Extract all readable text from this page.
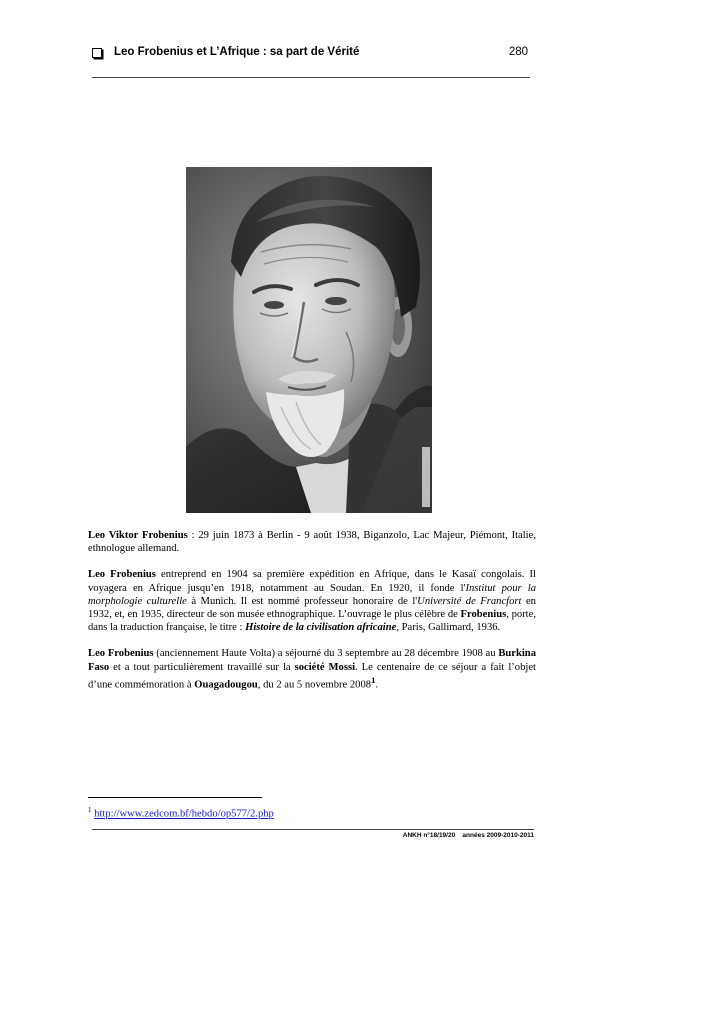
Leo Frobenius et L’Afrique : sa part de Vérité	280

Leo Viktor Frobenius : 29 juin 1873 à Berlin - 9 août 1938, Biganzolo, Lac Majeur, Piémont, Italie, ethnologue allemand.

Leo Frobenius entreprend en 1904 sa première expédition en Afrique, dans le Kasaï congolais. Il voyagera en Afrique jusqu’en 1918, notamment au Soudan. En 1920, il fonde l'Institut pour la morphologie culturelle à Munich. Il est nommé professeur honoraire de l'Université de Francfort en 1932, et, en 1935, directeur de son musée ethnographique. L’ouvrage le plus célèbre de Frobenius, porte, dans la traduction française, le titre : Histoire de la civilisation africaine, Paris, Gallimard, 1936.

Leo Frobenius (anciennement Haute Volta) a séjourné du 3 septembre au 28 décembre 1908 au Burkina Faso et a tout particulièrement travaillé sur la société Mossi. Le centenaire de ce séjour a fait l’objet d’une commémoration à Ouagadougou, du 2 au 5 novembre 2008$^1$.

$^1$ http://www.zedcom.bf/hebdo/op577/2.php
ANKH n°18/19/20    années 2009-2010-2011
